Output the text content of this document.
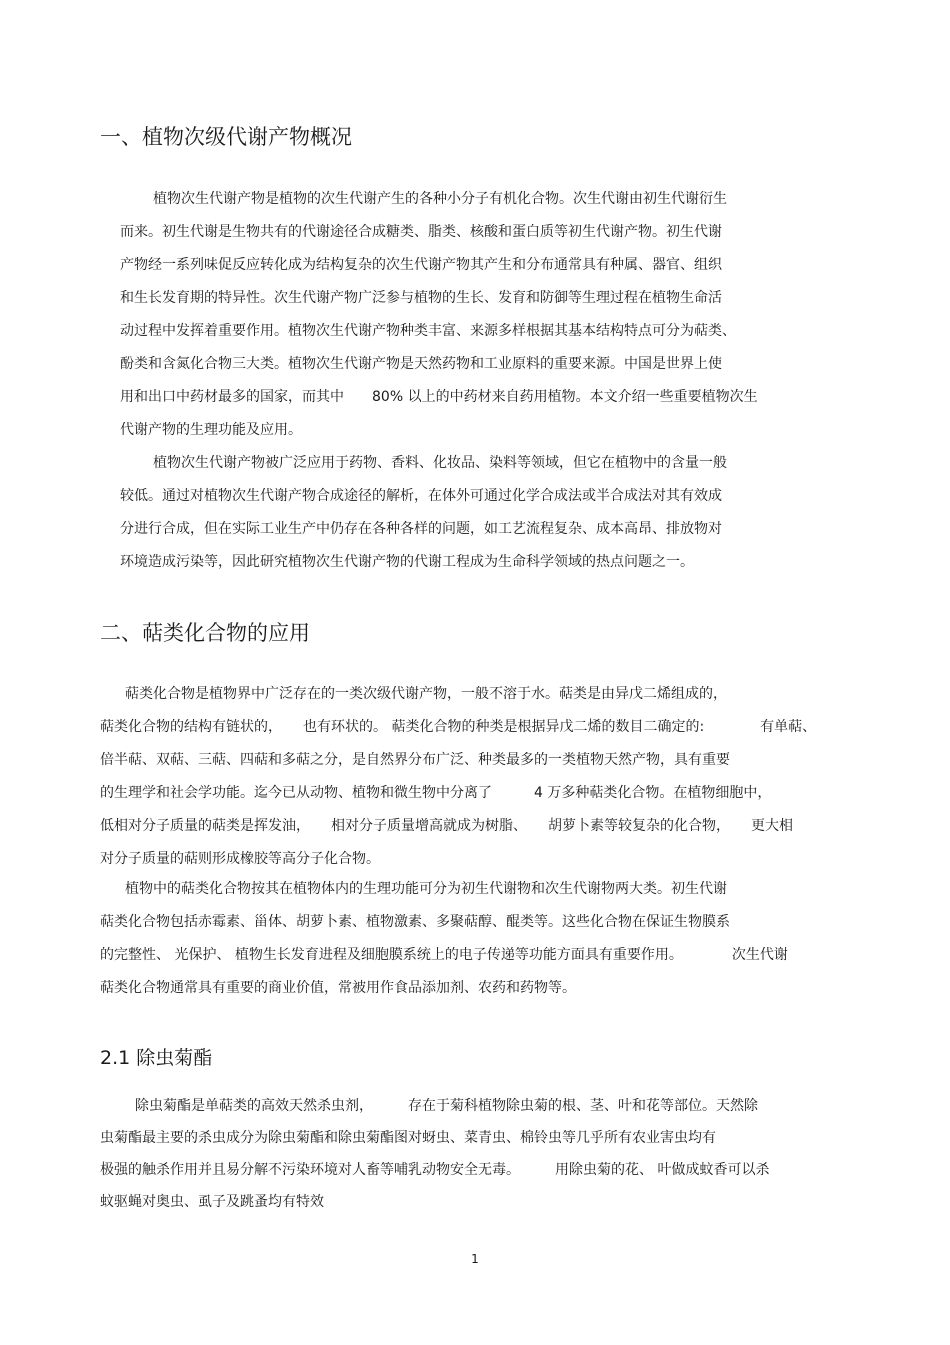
一、植物次级代谢产物概况
植物次生代谢产物是植物的次生代谢产生的各种小分子有机化合物。次生代谢由初生代谢衍生
而来。初生代谢是生物共有的代谢途径合成糖类、脂类、核酸和蛋白质等初生代谢产物。初生代谢
产物经一系列味促反应转化成为结构复杂的次生代谢产物其产生和分布通常具有种属、器官、组织
和生长发育期的特异性。次生代谢产物广泛参与植物的生长、发育和防御等生理过程在植物生命活
动过程中发挥着重要作用。植物次生代谢产物种类丰富、来源多样根据其基本结构特点可分为萜类、
酚类和含氮化合物三大类。植物次生代谢产物是天然药物和工业原料的重要来源。中国是世界上使
用和出口中药材最多的国家，而其中　　80% 以上的中药材来自药用植物。本文介绍一些重要植物次生
代谢产物的生理功能及应用。
植物次生代谢产物被广泛应用于药物、香料、化妆品、染料等领域，但它在植物中的含量一般
较低。通过对植物次生代谢产物合成途径的解析，在体外可通过化学合成法或半合成法对其有效成
分进行合成，但在实际工业生产中仍存在各种各样的问题，如工艺流程复杂、成本高昂、排放物对
环境造成污染等，因此研究植物次生代谢产物的代谢工程成为生命科学领域的热点问题之一。
二、萜类化合物的应用
萜类化合物是植物界中广泛存在的一类次级代谢产物，一般不溶于水。萜类是由异戊二烯组成的，
萜类化合物的结构有链状的，　　也有环状的。 萜类化合物的种类是根据异戊二烯的数目二确定的:　　　　有单萜、
倍半萜、双萜、三萜、四萜和多萜之分，是自然界分布广泛、种类最多的一类植物天然产物，具有重要
的生理学和社会学功能。迄今已从动物、植物和微生物中分离了　　　4 万多种萜类化合物。在植物细胞中，
低相对分子质量的萜类是挥发油，　　相对分子质量增高就成为树脂、　　胡萝卜素等较复杂的化合物，　　更大相
对分子质量的萜则形成橡胶等高分子化合物。
植物中的萜类化合物按其在植物体内的生理功能可分为初生代谢物和次生代谢物两大类。初生代谢
萜类化合物包括赤霉素、甾体、胡萝卜素、植物激素、多聚萜醇、醌类等。这些化合物在保证生物膜系
的完整性、 光保护、 植物生长发育进程及细胞膜系统上的电子传递等功能方面具有重要作用。　　　　次生代谢
萜类化合物通常具有重要的商业价值，常被用作食品添加剂、农药和药物等。
2.1 除虫菊酯
除虫菊酯是单萜类的高效天然杀虫剂，　　　存在于菊科植物除虫菊的根、茎、叶和花等部位。天然除
虫菊酯最主要的杀虫成分为除虫菊酯和除虫菊酯图对蚜虫、菜青虫、棉铃虫等几乎所有农业害虫均有
极强的触杀作用并且易分解不污染环境对人畜等哺乳动物安全无毒。　　　用除虫菊的花、 叶做成蚊香可以杀
蚊驱蝇对奥虫、虱子及跳蚤均有特效
1
